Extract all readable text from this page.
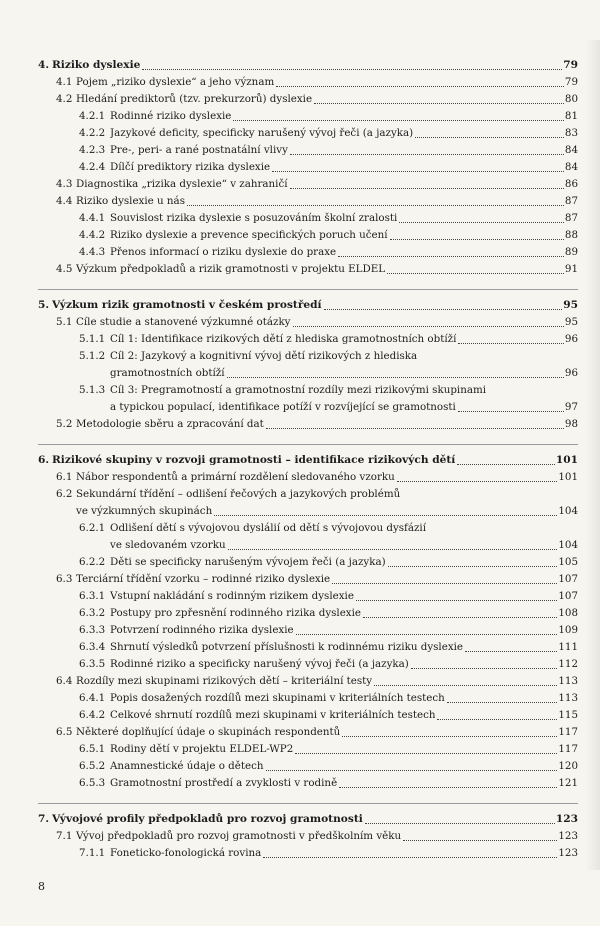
4. Riziko dyslexie	79
4.1 Pojem „riziko dyslexie“ a jeho význam	79
4.2 Hledání prediktorů (tzv. prekurzorů) dyslexie	80
4.2.1 Rodinné riziko dyslexie	81
4.2.2 Jazykové deficity, specificky narušený vývoj řeči (a jazyka)	83
4.2.3 Pre-, peri- a rané postnatální vlivy	84
4.2.4 Dílčí prediktory rizika dyslexie	84
4.3 Diagnostika „rizika dyslexie“ v zahraničí	86
4.4 Riziko dyslexie u nás	87
4.4.1 Souvislost rizika dyslexie s posuzováním školní zralosti	87
4.4.2 Riziko dyslexie a prevence specifických poruch učení	88
4.4.3 Přenos informací o riziku dyslexie do praxe	89
4.5 Výzkum předpokladů a rizik gramotnosti v projektu ELDEL	91
5. Výzkum rizik gramotnosti v českém prostředí	95
5.1 Cíle studie a stanovené výzkumné otázky	95
5.1.1 Cíl 1: Identifikace rizikových dětí z hlediska gramotnostních obtíží	96
5.1.2 Cíl 2: Jazykový a kognitivní vývoj dětí rizikových z hlediska
gramotnostních obtíží	96
5.1.3 Cíl 3: Pregramotností a gramotnostní rozdíly mezi rizikovými skupinami
a typickou populací, identifikace potíží v rozvíjející se gramotnosti	97
5.2 Metodologie sběru a zpracování dat	98
6. Rizikové skupiny v rozvoji gramotnosti – identifikace rizikových dětí	101
6.1 Nábor respondentů a primární rozdělení sledovaného vzorku	101
6.2 Sekundární třídění – odlišení řečových a jazykových problémů
ve výzkumných skupinách	104
6.2.1 Odlišení dětí s vývojovou dyslálií od dětí s vývojovou dysfázií
ve sledovaném vzorku	104
6.2.2 Děti se specificky narušeným vývojem řeči (a jazyka)	105
6.3 Terciární třídění vzorku – rodinné riziko dyslexie	107
6.3.1 Vstupní nakládání s rodinným rizikem dyslexie	107
6.3.2 Postupy pro zpřesnění rodinného rizika dyslexie	108
6.3.3 Potvrzení rodinného rizika dyslexie	109
6.3.4 Shrnutí výsledků potvrzení příslušnosti k rodinnému riziku dyslexie	111
6.3.5 Rodinné riziko a specificky narušený vývoj řeči (a jazyka)	112
6.4 Rozdíly mezi skupinami rizikových dětí – kriteriální testy	113
6.4.1 Popis dosažených rozdílů mezi skupinami v kriteriálních testech	113
6.4.2 Celkové shrnutí rozdílů mezi skupinami v kriteriálních testech	115
6.5 Některé doplňující údaje o skupinách respondentů	117
6.5.1 Rodiny dětí v projektu ELDEL-WP2	117
6.5.2 Anamnestické údaje o dětech	120
6.5.3 Gramotnostní prostředí a zvyklosti v rodině	121
7. Vývojové profily předpokladů pro rozvoj gramotnosti	123
7.1 Vývoj předpokladů pro rozvoj gramotnosti v předškolním věku	123
7.1.1 Foneticko-fonologická rovina	123
8
